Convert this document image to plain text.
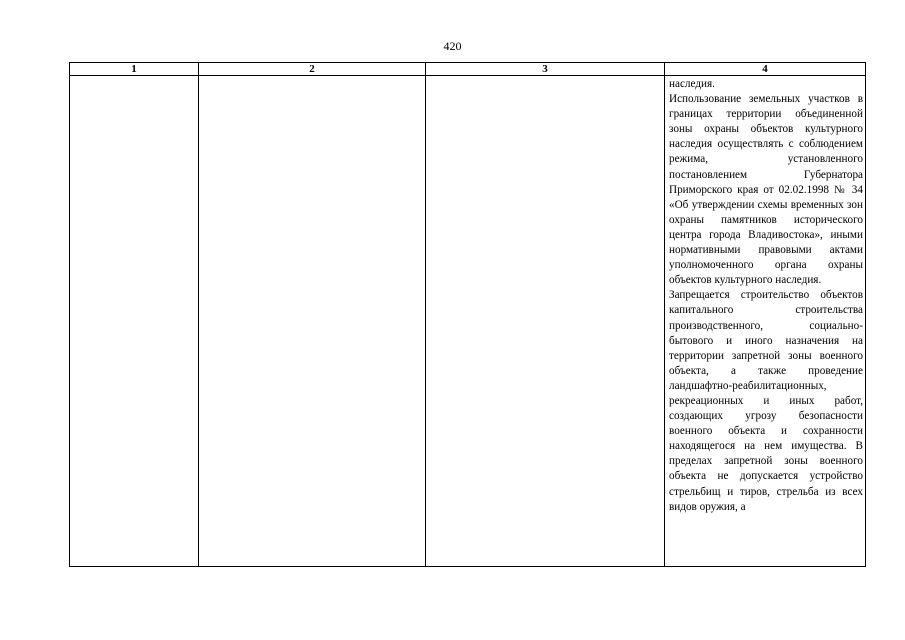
420
1	2	3	4

			наследия.

Использование земельных участков в границах территории объединенной зоны охраны объектов культурного наследия осуществлять с соблюдением режима, установленного постановлением Губернатора Приморского края от 02.02.1998 № 34 «Об утверждении схемы временных зон охраны памятников исторического центра города Владивостока», иными нормативными правовыми актами уполномоченного органа охраны объектов культурного наследия.

Запрещается строительство объектов капитального строительства производственного, социально-бытового и иного назначения на территории запретной зоны военного объекта, а также проведение ландшафтно-реабилитационных, рекреационных и иных работ, создающих угрозу безопасности военного объекта и сохранности находящегося на нем имущества. В пределах запретной зоны военного объекта не допускается устройство стрельбищ и тиров, стрельба из всех видов оружия, а
